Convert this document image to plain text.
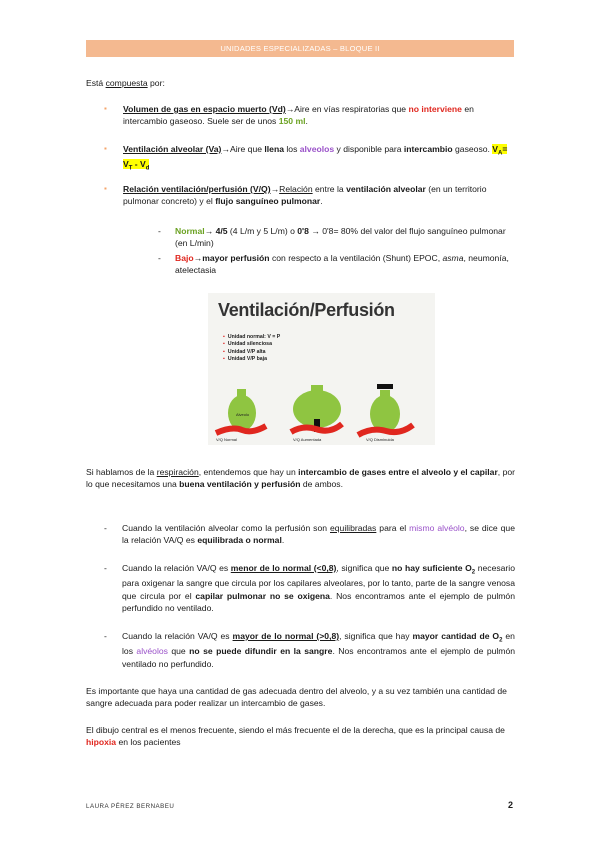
UNIDADES ESPECIALIZADAS – BLOQUE II
Está compuesta por:
▪ Volumen de gas en espacio muerto (Vd)→Aire en vías respiratorias que no interviene en intercambio gaseoso. Suele ser de unos 150 ml.
▪ Ventilación alveolar (Va)→Aire que llena los alveolos y disponible para intercambio gaseoso. $V_A= V_T - V_d$
▪ Relación ventilación/perfusión (V/Q)→Relación entre la ventilación alveolar (en un territorio pulmonar concreto) y el flujo sanguíneo pulmonar.
- Normal→ 4/5 (4 L/m y 5 L/m) o 0'8 → 0'8= 80% del valor del flujo sanguíneo pulmonar (en L/min)
- Bajo→mayor perfusión con respecto a la ventilación (Shunt) EPOC, asma, neumonía, atelectasia
Ventilación/Perfusión
▪ Unidad normal: V = P
▪ Unidad silenciosa
▪ Unidad V/P alta
▪ Unidad V/P baja
Alveolo
V/Q Normal	V/Q Aumentada	V/Q Disminuida
Si hablamos de la respiración, entendemos que hay un intercambio de gases entre el alveolo y el capilar, por lo que necesitamos una buena ventilación y perfusión de ambos.
- Cuando la ventilación alveolar como la perfusión son equilibradas para el mismo alvéolo, se dice que la relación VA/Q es equilibrada o normal.
- Cuando la relación VA/Q es menor de lo normal (<0,8), significa que no hay suficiente $O_2$ necesario para oxigenar la sangre que circula por los capilares alveolares, por lo tanto, parte de la sangre venosa que circula por el capilar pulmonar no se oxigena. Nos encontramos ante el ejemplo de pulmón perfundido no ventilado.
- Cuando la relación VA/Q es mayor de lo normal (>0,8), significa que hay mayor cantidad de $O_2$ en los alvéolos que no se puede difundir en la sangre. Nos encontramos ante el ejemplo de pulmón ventilado no perfundido.
Es importante que haya una cantidad de gas adecuada dentro del alveolo, y a su vez también una cantidad de sangre adecuada para poder realizar un intercambio de gases.
El dibujo central es el menos frecuente, siendo el más frecuente el de la derecha, que es la principal causa de hipoxia en los pacientes
LAURA PÉREZ BERNABEU	2
